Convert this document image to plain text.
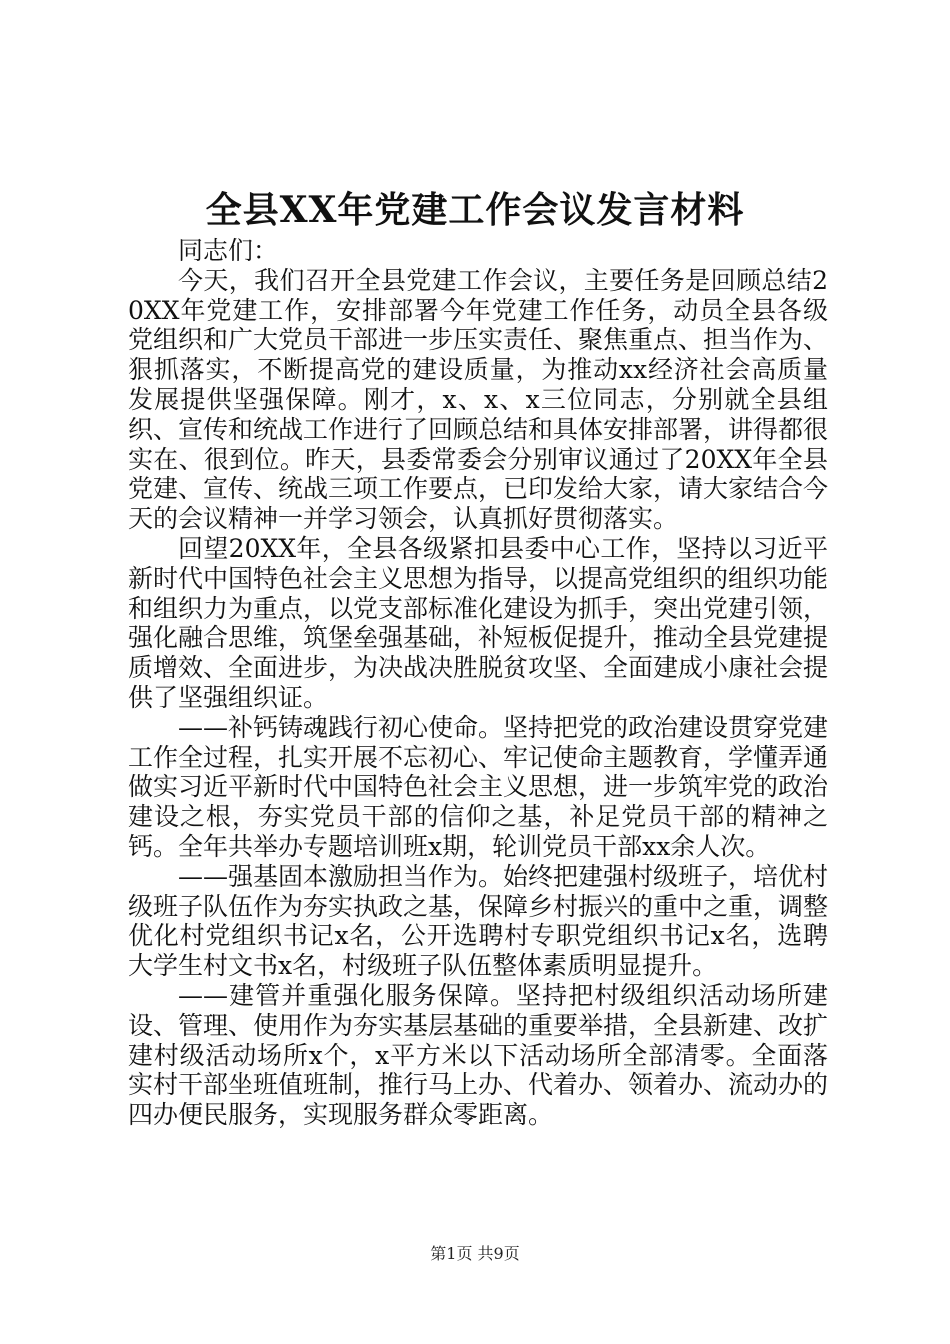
全县XX年党建工作会议发言材料

同志们：

今天，我们召开全县党建工作会议，主要任务是回顾总结20XX年党建工作，安排部署今年党建工作任务，动员全县各级党组织和广大党员干部进一步压实责任、聚焦重点、担当作为、狠抓落实，不断提高党的建设质量，为推动xx经济社会高质量发展提供坚强保障。刚才，x、x、x三位同志，分别就全县组织、宣传和统战工作进行了回顾总结和具体安排部署，讲得都很实在、很到位。昨天，县委常委会分别审议通过了20XX年全县党建、宣传、统战三项工作要点，已印发给大家，请大家结合今天的会议精神一并学习领会，认真抓好贯彻落实。

回望20XX年，全县各级紧扣县委中心工作，坚持以习近平新时代中国特色社会主义思想为指导，以提高党组织的组织功能和组织力为重点，以党支部标准化建设为抓手，突出党建引领，强化融合思维，筑堡垒强基础，补短板促提升，推动全县党建提质增效、全面进步，为决战决胜脱贫攻坚、全面建成小康社会提供了坚强组织证。

——补钙铸魂践行初心使命。坚持把党的政治建设贯穿党建工作全过程，扎实开展不忘初心、牢记使命主题教育，学懂弄通做实习近平新时代中国特色社会主义思想，进一步筑牢党的政治建设之根，夯实党员干部的信仰之基，补足党员干部的精神之钙。全年共举办专题培训班x期，轮训党员干部xx余人次。

——强基固本激励担当作为。始终把建强村级班子，培优村级班子队伍作为夯实执政之基，保障乡村振兴的重中之重，调整优化村党组织书记x名，公开选聘村专职党组织书记x名，选聘大学生村文书x名，村级班子队伍整体素质明显提升。

——建管并重强化服务保障。坚持把村级组织活动场所建设、管理、使用作为夯实基层基础的重要举措，全县新建、改扩建村级活动场所x个，x平方米以下活动场所全部清零。全面落实村干部坐班值班制，推行马上办、代着办、领着办、流动办的四办便民服务，实现服务群众零距离。

第1页 共9页
